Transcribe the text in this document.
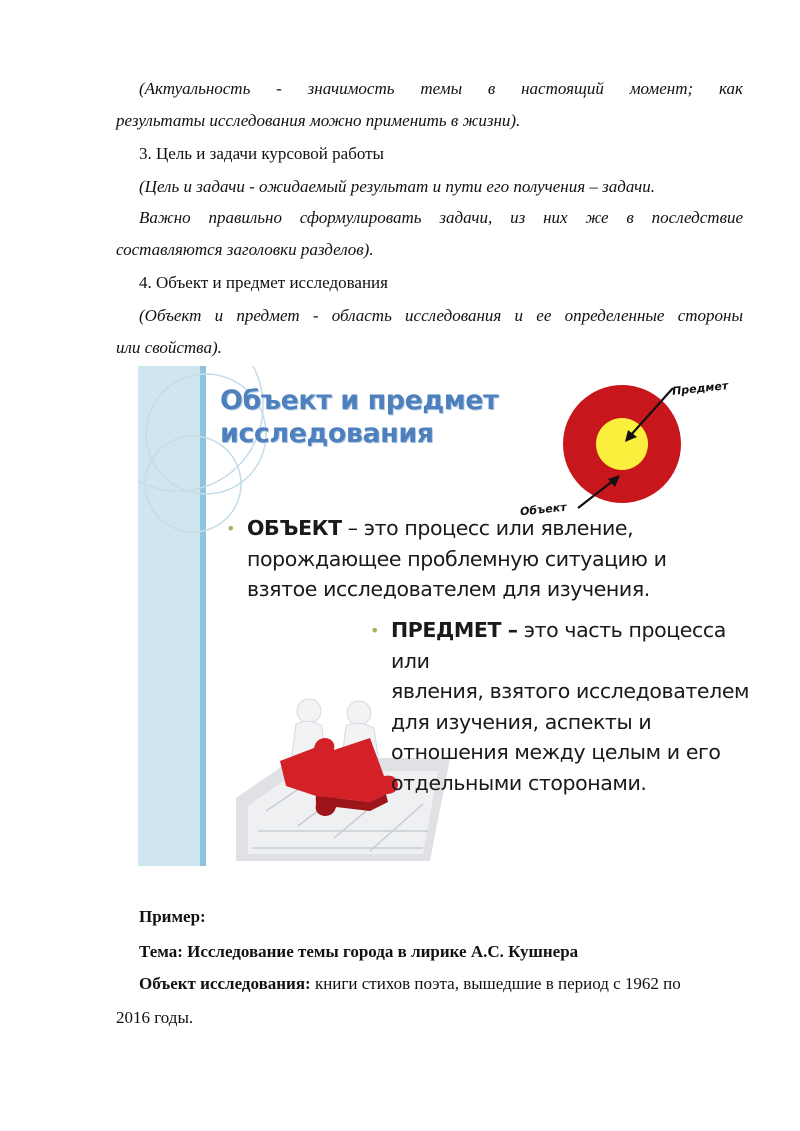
(Актуальность - значимость темы в настоящий момент; как
результаты исследования можно применить в жизни).
3. Цель и задачи курсовой работы
(Цель и задачи - ожидаемый результат и пути его получения – задачи.
Важно правильно сформулировать задачи, из них же в последствие
составляются заголовки разделов).
4. Объект и предмет исследования
(Объект и предмет - область исследования и ее определенные стороны
или свойства).
Объект и предмет
исследования
Предмет
Объект
• ОБЪЕКТ – это процесс или явление,
порождающее проблемную ситуацию и
взятое исследователем для изучения.
• ПРЕДМЕТ – это часть процесса или
явления, взятого исследователем
для изучения, аспекты и
отношения между целым и его
отдельными сторонами.
Пример:
Тема: Исследование темы города в лирике А.С. Кушнера
Объект исследования: книги стихов поэта, вышедшие в период с 1962 по
2016 годы.
